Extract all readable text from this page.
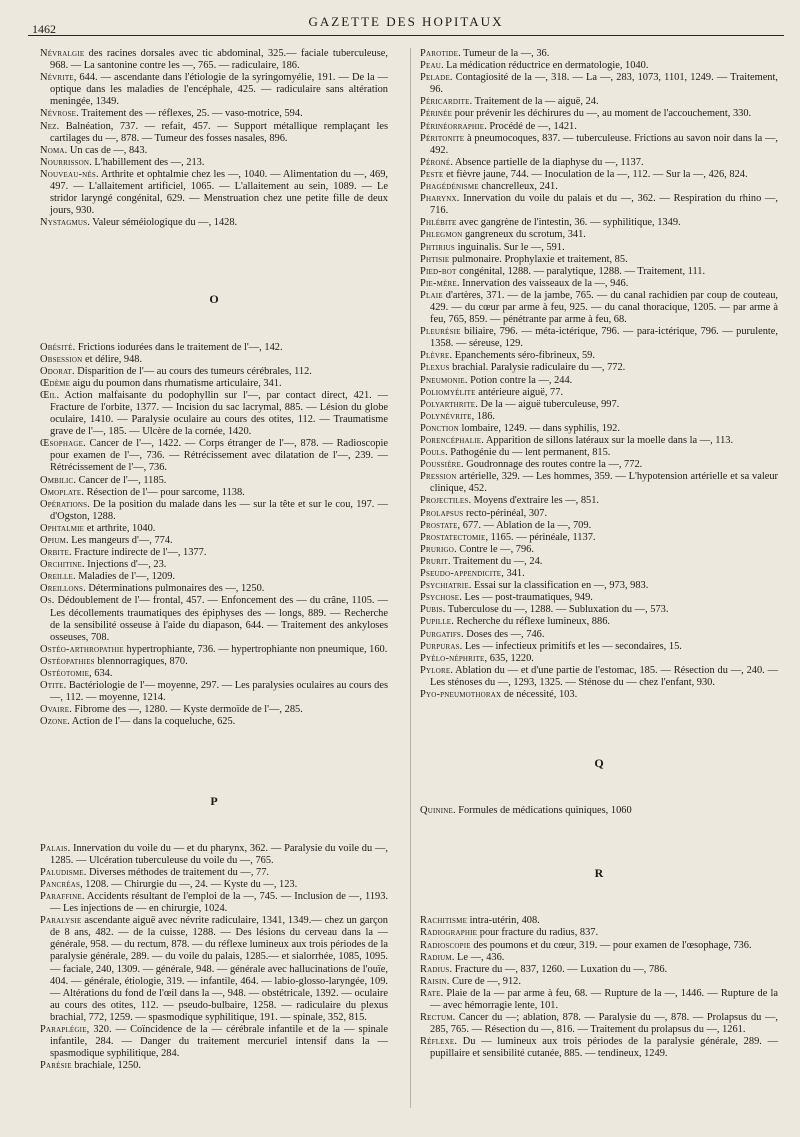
1462	GAZETTE DES HOPITAUX

Névralgie des racines dorsales avec tic abdominal, 325.— faciale tuberculeuse, 968. — La santonine contre les —, 765. — radiculaire, 186.

Névrite, 644. — ascendante dans l'étiologie de la syringomyélie, 191. — De la — optique dans les maladies de l'encéphale, 425. — radiculaire sans altération meningée, 1349.

Névrose. Traitement des — réflexes, 25. — vaso-motrice, 594.

Nez. Balnéation, 737. — refait, 457. — Support métallique remplaçant les cartilages du —, 878. — Tumeur des fosses nasales, 896.

Noma. Un cas de —, 843.

Nourrisson. L'habillement des —, 213.

Nouveau-nés. Arthrite et ophtalmie chez les —, 1040. — Alimentation du —, 469, 497. — L'allaitement artificiel, 1065. — L'allaitement au sein, 1089. — Le stridor laryngé congénital, 629. — Menstruation chez une petite fille de deux jours, 930.

Nystagmus. Valeur séméiologique du —, 1428.

O

Obésité. Frictions iodurées dans le traitement de l'—, 142.

Obsession et délire, 948.

Odorat. Disparition de l'— au cours des tumeurs cérébrales, 112.

Œdème aigu du poumon dans rhumatisme articulaire, 341.

Œil. Action malfaisante du podophyllin sur l'—, par contact direct, 421. — Fracture de l'orbite, 1377. — Incision du sac lacrymal, 885. — Lésion du globe oculaire, 1410. — Paralysie oculaire au cours des otites, 112. — Traumatisme grave de l'—, 185. — Ulcère de la cornée, 1420.

Œsophage. Cancer de l'—, 1422. — Corps étranger de l'—, 878. — Radioscopie pour examen de l'—, 736. — Rétrécissement avec dilatation de l'—, 239. — Rétrécissement de l'—, 736.

Ombilic. Cancer de l'—, 1185.

Omoplate. Résection de l'— pour sarcome, 1138.

Opérations. De la position du malade dans les — sur la tête et sur le cou, 197. — d'Ogston, 1288.

Ophtalmie et arthrite, 1040.

Opium. Les mangeurs d'—, 774.

Orbite. Fracture indirecte de l'—, 1377.

Orchitine. Injections d'—, 23.

Oreille. Maladies de l'—, 1209.

Oreillons. Déterminations pulmonaires des —, 1250.

Os. Dédoublement de l'— frontal, 457. — Enfoncement des — du crâne, 1105. — Les décollements traumatiques des épiphyses des — longs, 889. — Recherche de la sensibilité osseuse à l'aide du diapason, 644. — Traitement des ankyloses osseuses, 708.

Ostéo-arthropathie hypertrophiante, 736. — hypertrophiante non pneumique, 160.

Ostéopathies blennorragiques, 870.

Ostéotomie, 634.

Otite. Bactériologie de l'— moyenne, 297. — Les paralysies oculaires au cours des —, 112. — moyenne, 1214.

Ovaire. Fibrome des —, 1280. — Kyste dermoïde de l'—, 285.

Ozone. Action de l'— dans la coqueluche, 625.

P

Palais. Innervation du voile du — et du pharynx, 362. — Paralysie du voile du —, 1285. — Ulcération tuberculeuse du voile du —, 765.

Paludisme. Diverses méthodes de traitement du —, 77.

Pancréas, 1208. — Chirurgie du —, 24. — Kyste du —, 123.

Paraffine. Accidents résultant de l'emploi de la —, 745. — Inclusion de —, 1193. — Les injections de — en chirurgie, 1024.

Paralysie ascendante aiguë avec névrite radiculaire, 1341, 1349.— chez un garçon de 8 ans, 482. — de la cuisse, 1288. — Des lésions du cerveau dans la — générale, 958. — du rectum, 878. — du réflexe lumineux aux trois périodes de la paralysie générale, 289. — du voile du palais, 1285.— et sialorrhée, 1085, 1095. — faciale, 240, 1309. — générale, 948. — générale avec hallucinations de l'ouïe, 404. — générale, étiologie, 319. — infantile, 464. — labio-glosso-laryngée, 109. — Altérations du fond de l'œil dans la —, 948. — obstétricale, 1392. — oculaire au cours des otites, 112. — pseudo-bulbaire, 1258. — radiculaire du plexus brachial, 772, 1259. — spasmodique syphilitique, 191. — spinale, 352, 815.

Paraplégie, 320. — Coïncidence de la — cérébrale infantile et de la — spinale infantile, 284. — Danger du traitement mercuriel intensif dans la — spasmodique syphilitique, 284.

Parésie brachiale, 1250.

Parotide. Tumeur de la —, 36.

Peau. La médication réductrice en dermatologie, 1040.

Pelade. Contagiosité de la —, 318. — La —, 283, 1073, 1101, 1249. — Traitement, 96.

Péricardite. Traitement de la — aiguë, 24.

Périnée pour prévenir les déchirures du —, au moment de l'accouchement, 330.

Périnéorraphie. Procédé de —, 1421.

Péritonite à pneumocoques, 837. — tuberculeuse. Frictions au savon noir dans la —, 492.

Péroné. Absence partielle de la diaphyse du —, 1137.

Peste et fièvre jaune, 744. — Inoculation de la —, 112. — Sur la —, 426, 824.

Phagédénisme chancrelleux, 241.

Pharynx. Innervation du voile du palais et du —, 362. — Respiration du rhino —, 716.

Phlébite avec gangrène de l'intestin, 36. — syphilitique, 1349.

Phlegmon gangreneux du scrotum, 341.

Phtirius inguinalis. Sur le —, 591.

Phtisie pulmonaire. Prophylaxie et traitement, 85.

Pied-bot congénital, 1288. — paralytique, 1288. — Traitement, 111.

Pie-mère. Innervation des vaisseaux de la —, 946.

Plaie d'artères, 371. — de la jambe, 765. — du canal rachidien par coup de couteau, 429. — du cœur par arme à feu, 925. — du canal thoracique, 1205. — par arme à feu, 765, 859. — pénétrante par arme à feu, 68.

Pleurésie biliaire, 796. — méta-ictérique, 796. — para-ictérique, 796. — purulente, 1358. — séreuse, 129.

Plèvre. Epanchements séro-fibrineux, 59.

Plexus brachial. Paralysie radiculaire du —, 772.

Pneumonie. Potion contre la —, 244.

Poliomyélite antérieure aiguë, 77.

Polyarthrite. De la — aiguë tuberculeuse, 997.

Polynévrite, 186.

Ponction lombaire, 1249. — dans syphilis, 192.

Porencéphalie. Apparition de sillons latéraux sur la moelle dans la —, 113.

Pouls. Pathogénie du — lent permanent, 815.

Poussière. Goudronnage des routes contre la —, 772.

Pression artérielle, 329. — Les hommes, 359. — L'hypotension artérielle et sa valeur clinique, 452.

Projectiles. Moyens d'extraire les —, 851.

Prolapsus recto-périnéal, 307.

Prostate, 677. — Ablation de la —, 709.

Prostatectomie, 1165. — périnéale, 1137.

Prurigo. Contre le —, 796.

Prurit. Traitement du —, 24.

Pseudo-appendicite, 341.

Psychiatrie. Essai sur la classification en —, 973, 983.

Psychose. Les — post-traumatiques, 949.

Pubis. Tuberculose du —, 1288. — Subluxation du —, 573.

Pupille. Recherche du réflexe lumineux, 886.

Purgatifs. Doses des —, 746.

Purpuras. Les — infectieux primitifs et les — secondaires, 15.

Pyélo-néphrite, 635, 1220.

Pylore. Ablation du — et d'une partie de l'estomac, 185. — Résection du —, 240. — Les sténoses du —, 1293, 1325. — Sténose du — chez l'enfant, 930.

Pyo-pneumothorax de nécessité, 103.

Q

Quinine. Formules de médications quiniques, 1060

R

Rachitisme intra-utérin, 408.

Radiographie pour fracture du radius, 837.

Radioscopie des poumons et du cœur, 319. — pour examen de l'œsophage, 736.

Radium. Le —, 436.

Radius. Fracture du —, 837, 1260. — Luxation du —, 786.

Raisin. Cure de —, 912.

Rate. Plaie de la — par arme à feu, 68. — Rupture de la —, 1446. — Rupture de la — avec hémorragie lente, 101.

Rectum. Cancer du —; ablation, 878. — Paralysie du —, 878. — Prolapsus du —, 285, 765. — Résection du —, 816. — Traitement du prolapsus du —, 1261.

Réflexe. Du — lumineux aux trois périodes de la paralysie générale, 289. — pupillaire et sensibilité cutanée, 885. — tendineux, 1249.
